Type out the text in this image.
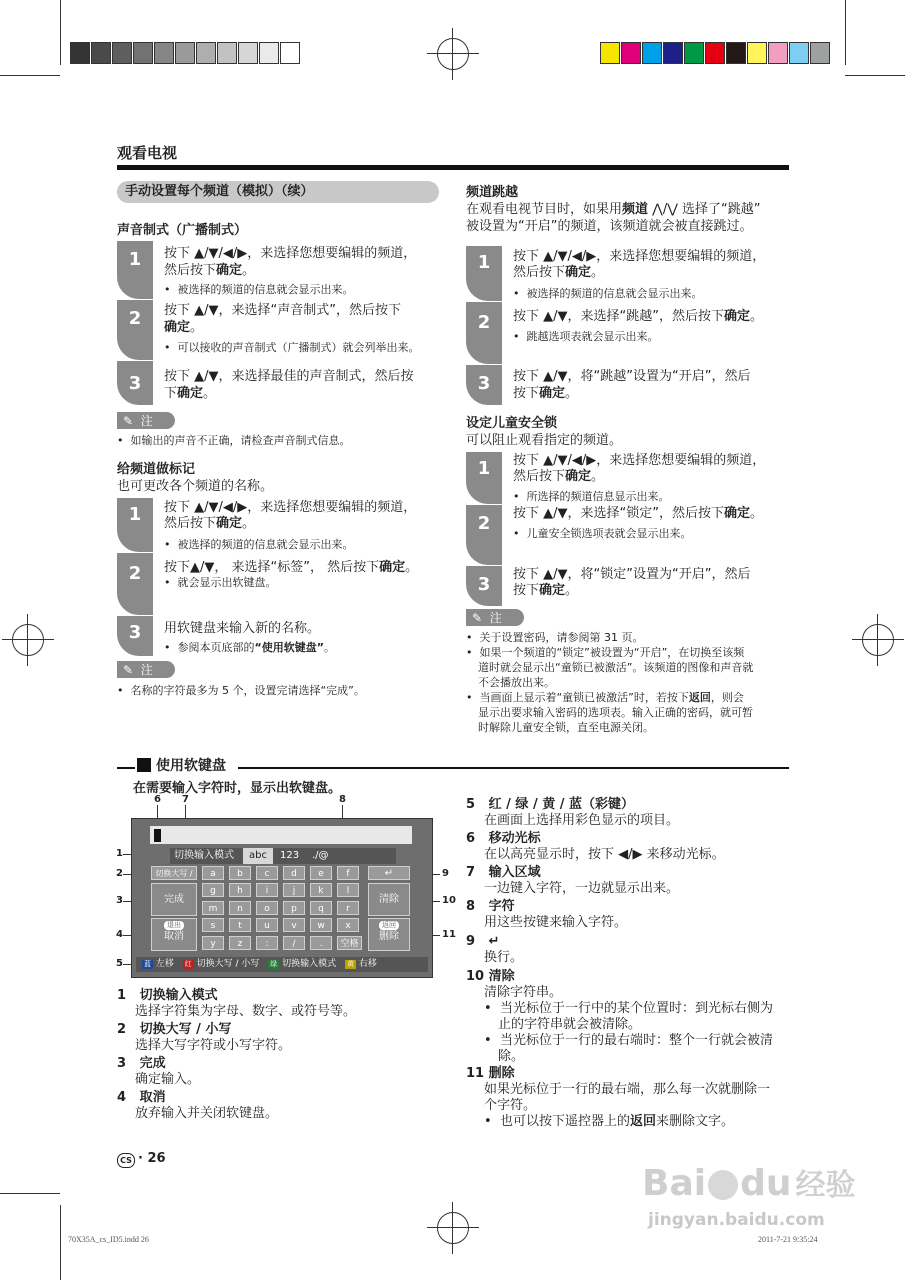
观看电视
手动设置每个频道（模拟）（续）
声音制式（广播制式）
1	按下 ▲/▼/◀/▶，来选择您想要编辑的频道，
然后按下确定。
•  被选择的频道的信息就会显示出来。
2	按下 ▲/▼，来选择“声音制式”，然后按下
确定。
•  可以接收的声音制式（广播制式）就会列举出来。
3	按下 ▲/▼，来选择最佳的声音制式，然后按
下确定。
✎ 注
•  如输出的声音不正确，请检查声音制式信息。
给频道做标记
也可更改各个频道的名称。
1	按下 ▲/▼/◀/▶，来选择您想要编辑的频道，
然后按下确定。
•  被选择的频道的信息就会显示出来。
2	按下▲/▼， 来选择“标签”， 然后按下确定。
•  就会显示出软键盘。
3	用软键盘来输入新的名称。
•  参阅本页底部的“使用软键盘”。
✎ 注
•  名称的字符最多为 5 个，设置完请选择“完成”。
频道跳越
在观看电视节目时，如果用频道 ⋀/⋁ 选择了“跳越”
被设置为“开启”的频道，该频道就会被直接跳过。
1	按下 ▲/▼/◀/▶，来选择您想要编辑的频道，
然后按下确定。
•  被选择的频道的信息就会显示出来。
2	按下 ▲/▼，来选择“跳越”，然后按下确定。
•  跳越选项表就会显示出来。
3	按下 ▲/▼，将“跳越”设置为“开启”，然后
按下确定。
设定儿童安全锁
可以阻止观看指定的频道。
1	按下 ▲/▼/◀/▶，来选择您想要编辑的频道，
然后按下确定。
•  所选择的频道信息显示出来。
2	按下 ▲/▼，来选择“锁定”，然后按下确定。
•  儿童安全锁选项表就会显示出来。
3	按下 ▲/▼，将“锁定”设置为“开启”，然后
按下确定。
✎ 注
•  关于设置密码，请参阅第 31 页。
•  如果一个频道的“锁定”被设置为“开启”，在切换至该频
道时就会显示出“童锁已被激活”。该频道的图像和声音就
不会播放出来。
•  当画面上显示着“童锁已被激活”时，若按下返回，则会
显示出要求输入密码的选项表。输入正确的密码，就可暂
时解除儿童安全锁，直至电源关闭。
使用软键盘
在需要输入字符时，显示出软键盘。
6 7	8
1
2
3
4
5
9
10
11
切换输入模式	abc	123 ./@
切换大写 /
完成
退出
取消
a	b	c	d	e	f
g	h	i	j	k	l
m	n	o	p	q	r
s	t	u	v	w	x
y	z	:	/	.	空格
↵
清除
返回
删除
蓝 左移 红 切换大写 / 小写 绿 切换输入模式 黄 右移
1 切换输入模式
选择字符集为字母、数字、或符号等。
2 切换大写 / 小写
选择大写字符或小写字符。
3 完成
确定输入。
4 取消
放弃输入并关闭软键盘。
5 红 / 绿 / 黄 / 蓝（彩键）
在画面上选择用彩色显示的项目。
6 移动光标
在以高亮显示时，按下 ◀/▶ 来移动光标。
7 输入区域
一边键入字符，一边就显示出来。
8 字符
用这些按键来输入字符。
9 ↵
换行。
10 清除
清除字符串。
•  当光标位于一行中的某个位置时：到光标右侧为
止的字符串就会被清除。
•  当光标位于一行的最右端时：整个一行就会被清
除。
11 删除
如果光标位于一行的最右端，那么每一次就删除一
个字符。
•  也可以按下遥控器上的返回来删除文字。
CS · 26
70X35A_cs_ID5.indd 26	2011-7-21 9:35:24
Bai du 经验
jingyan.baidu.com
